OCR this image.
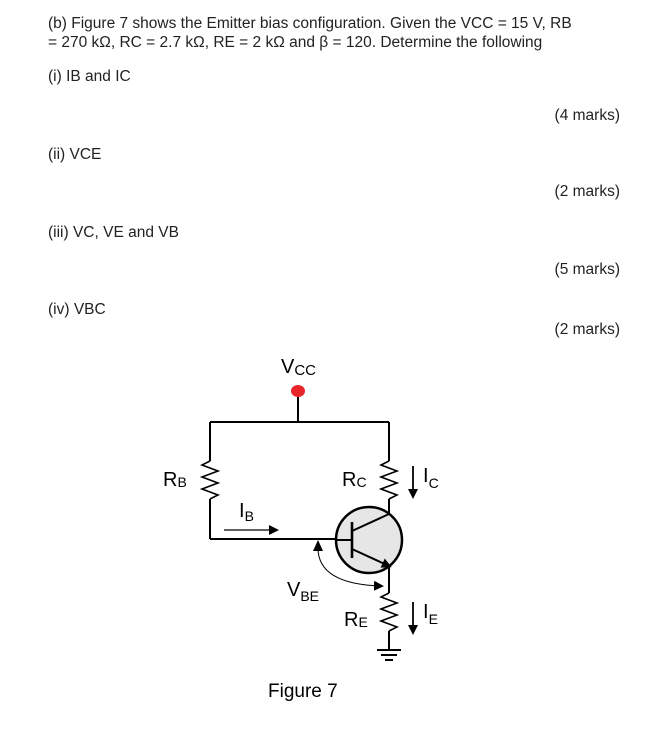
(b) Figure 7 shows the Emitter bias configuration. Given the VCC = 15 V, RB
= 270 kΩ, RC = 2.7 kΩ, RE = 2 kΩ and β = 120. Determine the following
(i) IB and IC
(4 marks)
(ii) VCE
(2 marks)
(iii) VC, VE and VB
(5 marks)
(iv) VBC
(2 marks)
VCC
RB
$I_B$
RC	$I_C$
RE	$I_E$
$V_{BE}$
Figure 7
